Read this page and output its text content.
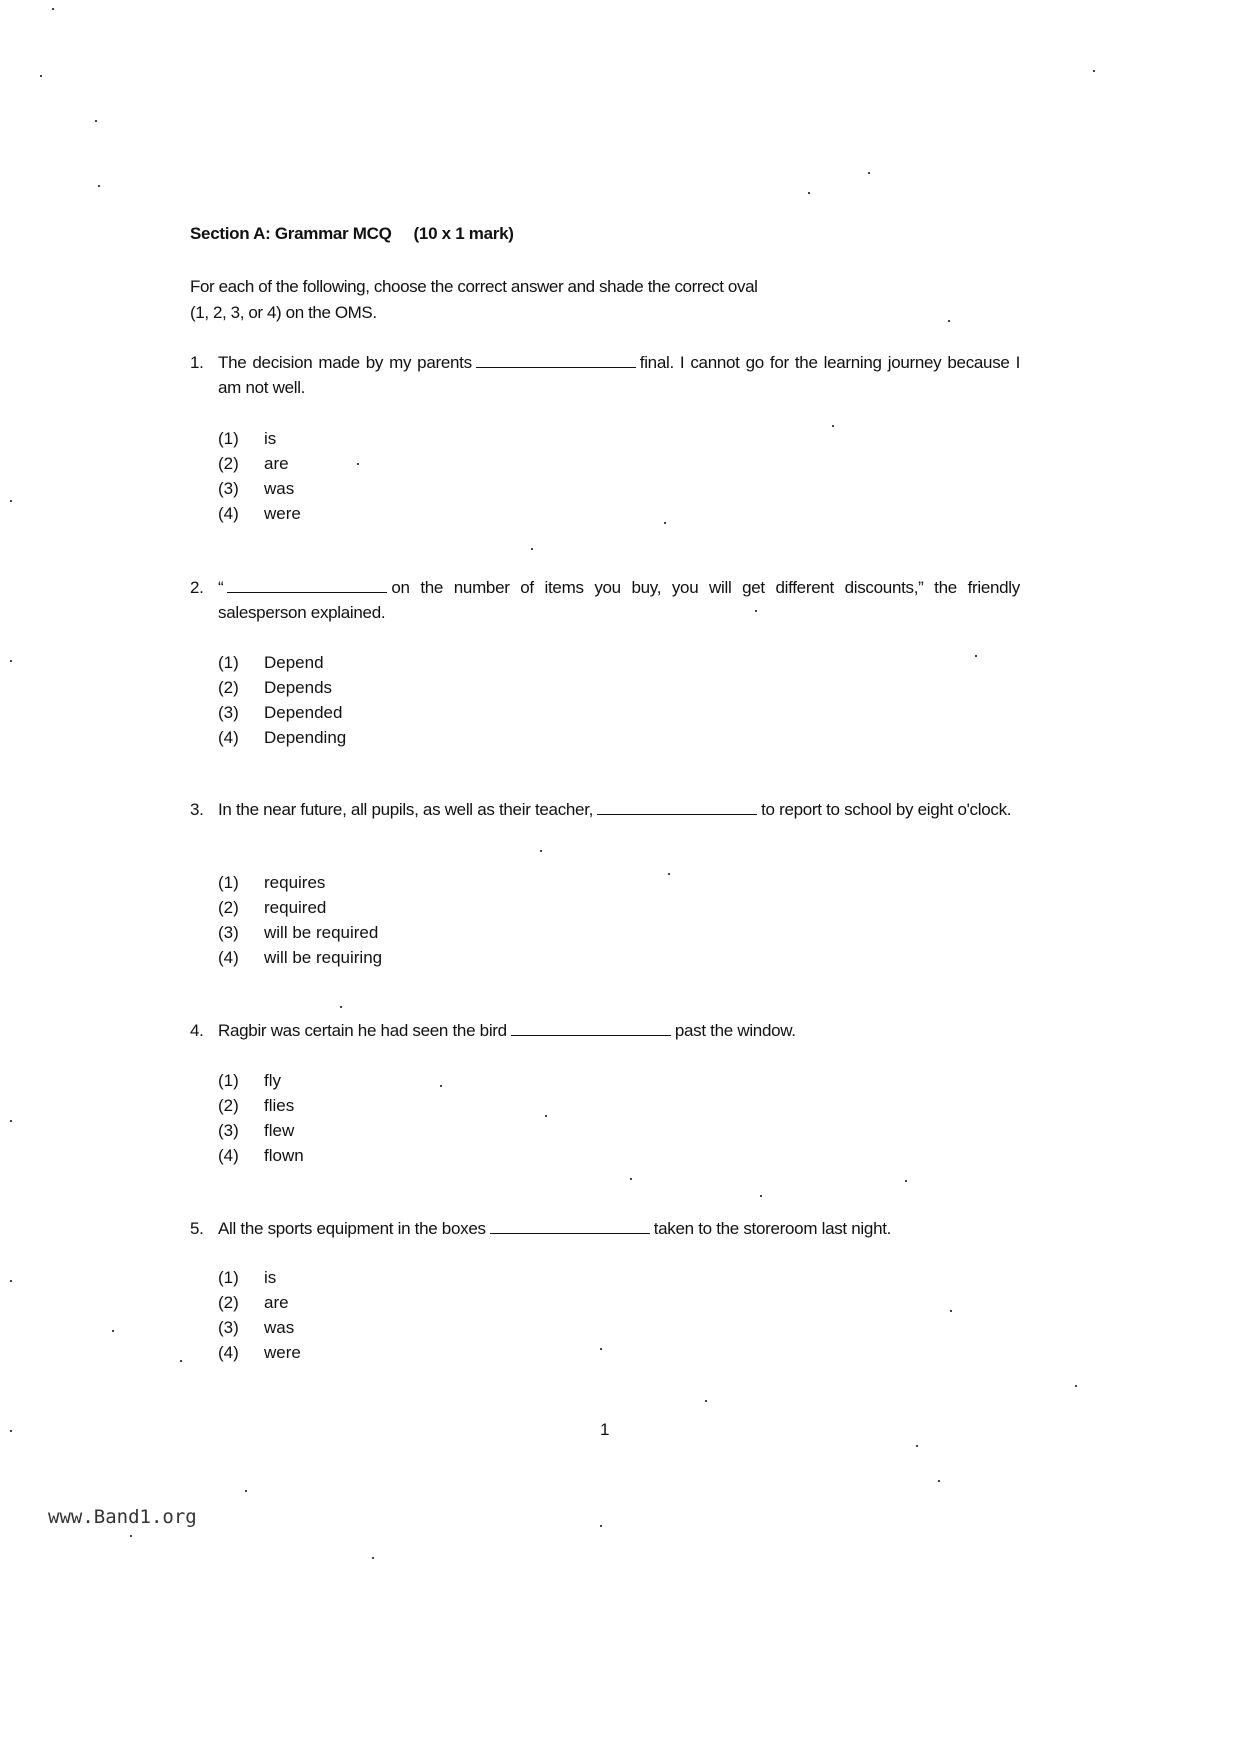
Section A: Grammar MCQ (10 x 1 mark)
For each of the following, choose the correct answer and shade the correct oval
(1, 2, 3, or 4) on the OMS.
1. The decision made by my parents	final. I cannot go for the learning journey because I am not well.
(1) is
(2) are
(3) was
(4) were
2. “	on the number of items you buy, you will get different discounts,” the friendly salesperson explained.
(1) Depend
(2) Depends
(3) Depended
(4) Depending
3. In the near future, all pupils, as well as their teacher,	to report to school by eight o'clock.
(1) requires
(2) required
(3) will be required
(4) will be requiring
4. Ragbir was certain he had seen the bird	past the window.
(1) fly
(2) flies
(3) flew
(4) flown
5. All the sports equipment in the boxes	taken to the storeroom last night.
(1) is
(2) are
(3) was
(4) were
1
www.Band1.org
